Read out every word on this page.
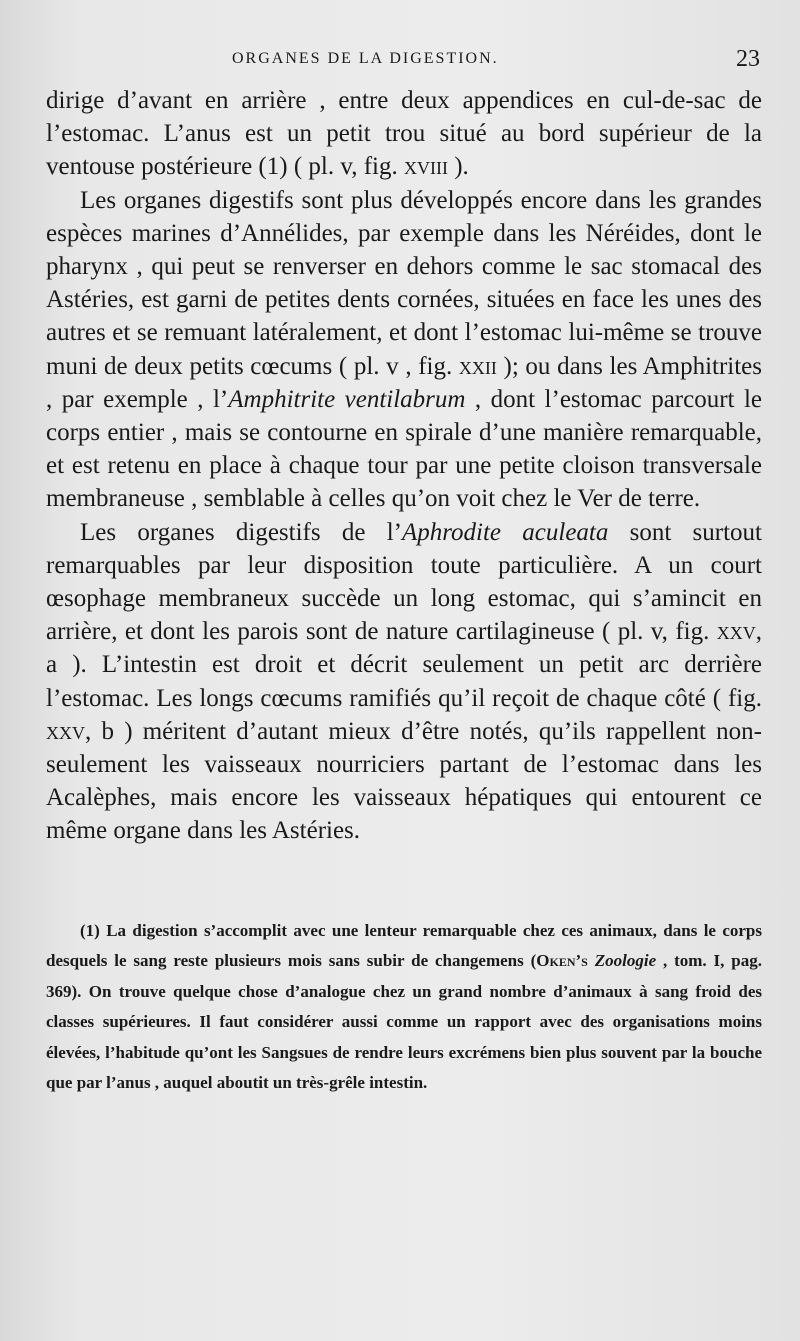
ORGANES DE LA DIGESTION.	23

dirige d’avant en arrière , entre deux appendices en cul-de-sac de l’estomac. L’anus est un petit trou situé au bord supérieur de la ventouse postérieure (1) ( pl. v, fig. xviii ).

Les organes digestifs sont plus développés encore dans les grandes espèces marines d’Annélides, par exemple dans les Néréides, dont le pharynx , qui peut se renverser en dehors comme le sac stomacal des Astéries, est garni de petites dents cornées, situées en face les unes des autres et se remuant latéralement, et dont l’estomac lui-même se trouve muni de deux petits cœcums ( pl. v , fig. xxii ); ou dans les Amphitrites , par exemple , l’Amphitrite ventilabrum , dont l’estomac parcourt le corps entier , mais se contourne en spirale d’une manière remarquable, et est retenu en place à chaque tour par une petite cloison transversale membraneuse , semblable à celles qu’on voit chez le Ver de terre.

Les organes digestifs de l’Aphrodite aculeata sont surtout remarquables par leur disposition toute particulière. A un court œsophage membraneux succède un long estomac, qui s’amincit en arrière, et dont les parois sont de nature cartilagineuse ( pl. v, fig. xxv, a ). L’intestin est droit et décrit seulement un petit arc derrière l’estomac. Les longs cœcums ramifiés qu’il reçoit de chaque côté ( fig. xxv, b ) méritent d’autant mieux d’être notés, qu’ils rappellent non-seulement les vaisseaux nourriciers partant de l’estomac dans les Acalèphes, mais encore les vaisseaux hépatiques qui entourent ce même organe dans les Astéries.

(1) La digestion s’accomplit avec une lenteur remarquable chez ces animaux, dans le corps desquels le sang reste plusieurs mois sans subir de changemens (Oken’s Zoologie , tom. I, pag. 369). On trouve quelque chose d’analogue chez un grand nombre d’animaux à sang froid des classes supérieures. Il faut considérer aussi comme un rapport avec des organisations moins élevées, l’habitude qu’ont les Sangsues de rendre leurs excrémens bien plus souvent par la bouche que par l’anus , auquel aboutit un très-grêle intestin.
